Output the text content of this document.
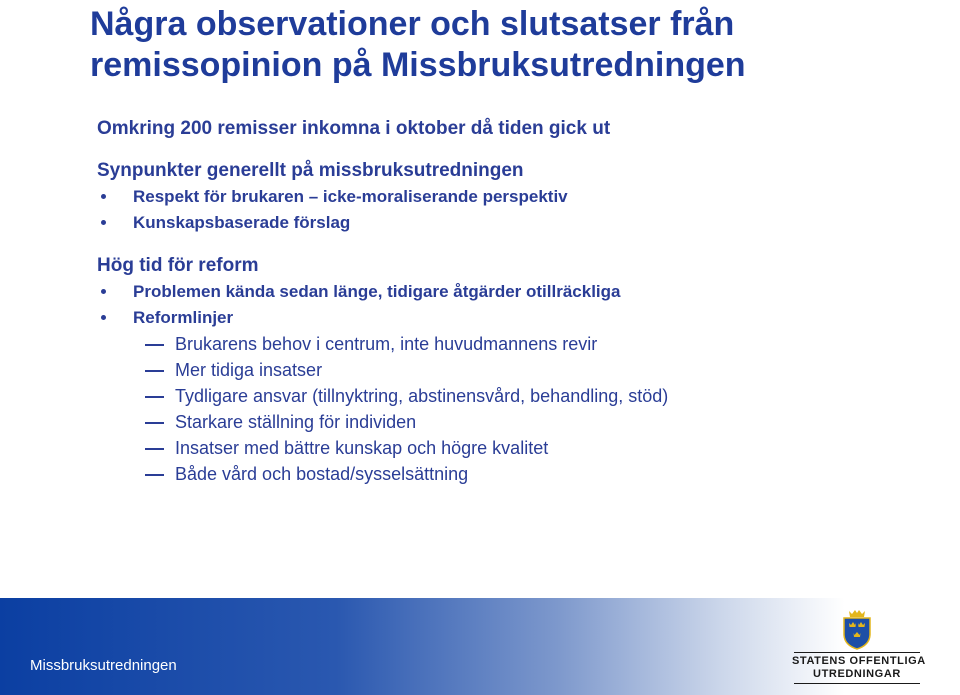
Några observationer och slutsatser från
remissopinion på Missbruksutredningen
Omkring 200 remisser inkomna i oktober då tiden gick ut
Synpunkter generellt på missbruksutredningen
Respekt för brukaren – icke-moraliserande perspektiv
Kunskapsbaserade förslag
Hög tid för reform
Problemen kända sedan länge, tidigare åtgärder otillräckliga
Reformlinjer
Brukarens behov i centrum, inte huvudmannens revir
Mer tidiga insatser
Tydligare ansvar (tillnyktring, abstinensvård, behandling, stöd)
Starkare ställning för individen
Insatser med bättre kunskap och högre kvalitet
Både vård och bostad/sysselsättning
Missbruksutredningen	STATENS OFFENTLIGA
UTREDNINGAR
